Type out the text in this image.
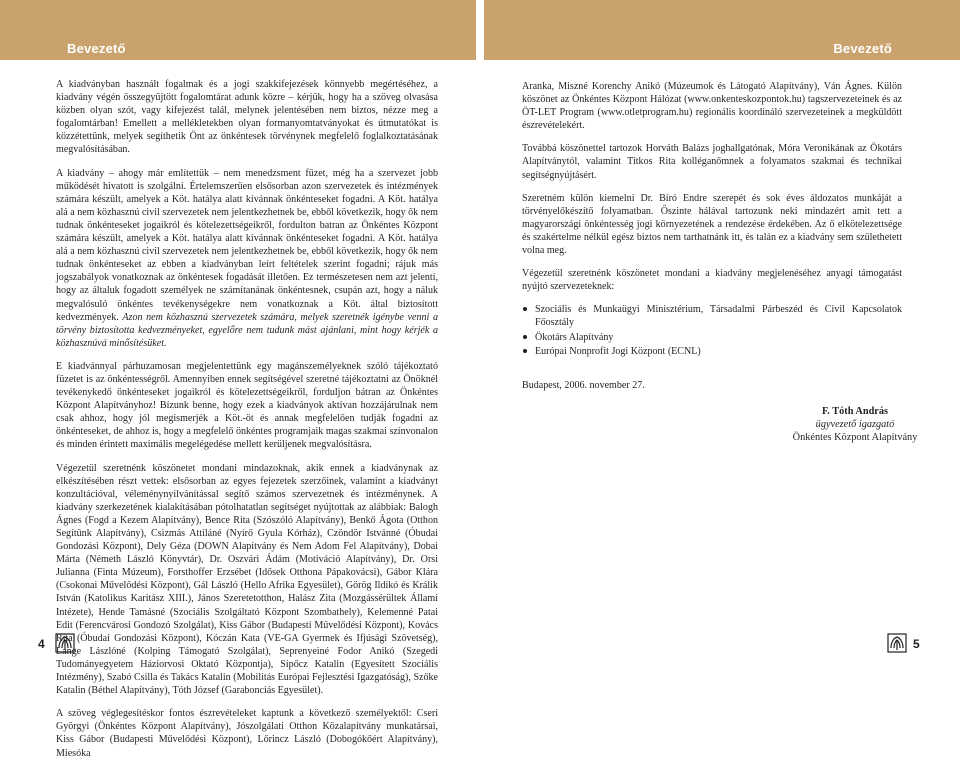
Bevezető	Bevezető

A kiadványban használt fogalmak és a jogi szakkifejezések könnyebb megértéséhez, a kiadvány végén összegyűjtött fogalomtárat adunk közre – kérjük, hogy ha a szöveg olvasása közben olyan szót, vagy kifejezést talál, melynek jelentésében nem biztos, nézze meg a fogalomtárban! Emellett a mellékletekben olyan formanyomtatványokat és útmutatókat is közzétettünk, melyek segíthetik Önt az önkéntesek törvénynek megfelelő foglalkoztatásának megvalósításában.

A kiadvány – ahogy már említettük – nem menedzsment füzet, még ha a szervezet jobb működését hivatott is szolgálni. Értelemszerűen elsősorban azon szervezetek és intézmények számára készült, amelyek a Köt. hatálya alatt kívánnak önkénteseket fogadni. A Köt. hatálya alá a nem közhasznú civil szervezetek nem jelentkezhetnek be, ebből következik, hogy ők nem tudnak önkénteseket jogaikról és kötelezettségeikről, fordulton batran az Önkéntes Központ számára készült, amelyek a Köt. hatálya alatt kívánnak önkénteseket fogadni. A Köt. hatálya alá a nem közhasznú civil szervezetek nem jelentkezhetnek be, ebből következik, hogy ők nem tudnak önkénteseket az ebben a kiadványban leírt feltételek szerint fogadni; rájuk más jogszabályok vonatkoznak az önkéntesek fogadását illetően. Ez természetesen nem azt jelenti, hogy az általuk fogadott személyek ne számítanának önkéntesnek, csupán azt, hogy a náluk megvalósuló önkéntes tevékenységekre nem vonatkoznak a Köt. által biztosított kedvezmények. Azon nem közhasznú szervezetek számára, melyek szeretnék igénybe venni a törvény biztosította kedvezményeket, egyelőre nem tudunk mást ajánlani, mint hogy kérjék a közhasznúvá minősítésüket.

E kiadvánnyal párhuzamosan megjelentettünk egy magánszemélyeknek szóló tájékoztató füzetet is az önkéntességről. Amennyiben ennek segítségével szeretné tájékoztatni az Önöknél tevékenykedő önkénteseket jogaikról és kötelezettségeikről, forduljon bátran az Önkéntes Központ Alapítványhoz! Bízunk benne, hogy ezek a kiadványok aktívan hozzájárulnak nem csak ahhoz, hogy jól megismerjék a Köt.-öt és annak megfelelően tudják fogadni az önkénteseket, de ahhoz is, hogy a megfelelő önkéntes programjaik magas szakmai színvonalon és minden érintett maximális megelégedése mellett kerüljenek megvalósításra.

Végezetül szeretnénk köszönetet mondani mindazoknak, akik ennek a kiadványnak az elkészítésében részt vettek: elsősorban az egyes fejezetek szerzőinek, valamint a kiadványt konzultációval, véleménynyilvánítással segítő számos szervezetnek és intézménynek. A kiadvány szerkezetének kialakításában pótolhatatlan segítséget nyújtottak az alábbiak: Balogh Ágnes (Fogd a Kezem Alapítvány), Bence Rita (Szószóló Alapítvány), Benkő Ágota (Otthon Segítünk Alapítvány), Csizmás Attiláné (Nyírő Gyula Kórház), Czöndör Istvánné (Óbudai Gondozási Központ), Dely Géza (DOWN Alapítvány és Nem Adom Fel Alapítvány), Dobai Márta (Németh László Könyvtár), Dr. Oszvári Ádám (Motiváció Alapítvány), Dr. Orsi Julianna (Finta Múzeum), Forsthoffer Erzsébet (Idősek Otthona Pápakovácsi), Gábor Klára (Csokonai Művelődési Központ), Gál László (Hello Afrika Egyesület), Görög Ildikó és Králik István (Katolikus Karitász XIII.), János Szeretetotthon, Halász Zita (Mozgássérültek Állami Intézete), Hende Tamásné (Szociális Szolgáltató Központ Szombathely), Kelemenné Patai Edit (Ferencvárosi Gondozó Szolgálat), Kiss Gábor (Budapesti Művelődési Központ), Kovács Rita (Óbudai Gondozási Központ), Kóczán Kata (VE-GA Gyermek és Ifjúsági Szövetség), Lange Lászlóné (Kolping Támogató Szolgálat), Seprenyeiné Fodor Anikó (Szegedi Tudományegyetem Háziorvosi Oktató Központja), Sipőcz Katalin (Egyesített Szociális Intézmény), Szabó Csilla és Takács Katalin (Mobilitás Európai Fejlesztési Igazgatóság), Szőke Katalin (Béthel Alapítvány), Tóth József (Garabonciás Egyesület).

A szöveg véglegesítéskor fontos észrevételeket kaptunk a következő személyektől: Cseri Györgyi (Önkéntes Központ Alapítvány), Jószolgálati Otthon Közalapítvány munkatársai, Kiss Gábor (Budapesti Művelődési Központ), Lőrincz László (Dobogókőért Alapítvány), Miesóka

Aranka, Miszné Korenchy Anikó (Múzeumok és Látogató Alapítvány), Ván Ágnes. Külön köszönet az Önkéntes Központ Hálózat (www.onkenteskozpontok.hu) tagszervezeteinek és az ÖT-LET Program (www.otletprogram.hu) regionális koordináló szervezeteinek a megküldött észrevételekért.

Továbbá köszönettel tartozok Horváth Balázs joghallgatónak, Móra Veronikának az Ökotárs Alapítványtól, valamint Titkos Rita kolléganőmnek a folyamatos szakmai és technikai segítségnyújtásért.

Szeretném külön kiemelni Dr. Bíró Endre szerepét és sok éves áldozatos munkáját a törvényelőkészítő folyamatban. Őszinte hálával tartozunk neki mindazért amit tett a magyarországi önkéntesség jogi környezetének a rendezése érdekében. Az ő elkötelezettsége és szakértelme nélkül egész biztos nem tarthatnánk itt, és talán ez a kiadvány sem születhetett volna meg.

Végezetül szeretnénk köszönetet mondani a kiadvány megjelenéséhez anyagi támogatást nyújtó szervezeteknek:

Szociális és Munkaügyi Minisztérium, Társadalmi Párbeszéd és Civil Kapcsolatok Főosztály
Ökotárs Alapítvány
Európai Nonprofit Jogi Központ (ECNL)

Budapest, 2006. november 27.

F. Tóth András
ügyvezető igazgató
Önkéntes Központ Alapítvány
4	5
